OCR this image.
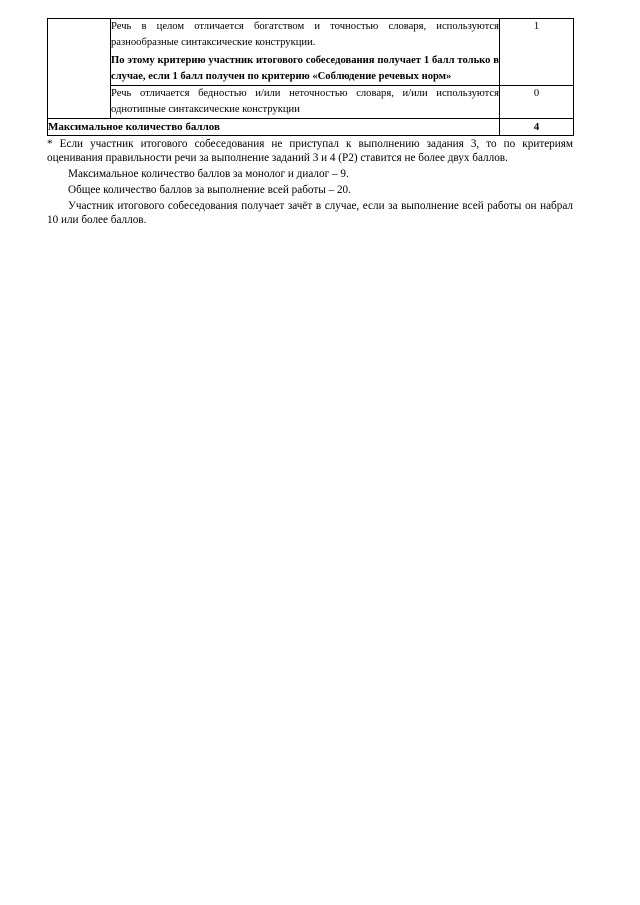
	Речь в целом отличается богатством и точностью словаря, используются разнообразные синтаксические конструкции.

По этому критерию участник итогового собеседования получает 1 балл только в случае, если 1 балл получен по критерию «Соблюдение речевых норм»	1

	Речь отличается бедностью и/или неточностью словаря, и/или используются однотипные синтаксические конструкции	0
Максимальное количество баллов		4

* Если участник итогового собеседования не приступал к выполнению задания 3, то по критериям оценивания правильности речи за выполнение заданий 3 и 4 (Р2) ставится не более двух баллов.

Максимальное количество баллов за монолог и диалог – 9.

Общее количество баллов за выполнение всей работы – 20.

Участник итогового собеседования получает зачёт в случае, если за выполнение всей работы он набрал 10 или более баллов.
